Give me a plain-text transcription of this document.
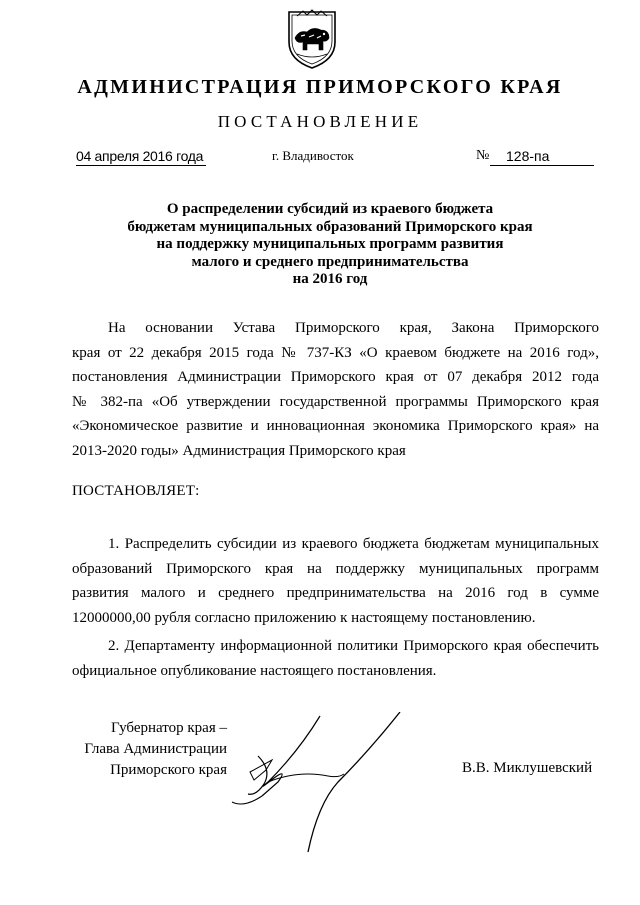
АДМИНИСТРАЦИЯ ПРИМОРСКОГО КРАЯ
ПОСТАНОВЛЕНИЕ
04 апреля 2016 года	г. Владивосток	№ 128-па
О распределении субсидий из краевого бюджета
бюджетам муниципальных образований Приморского края
на поддержку муниципальных программ развития
малого и среднего предпринимательства
на 2016 год
На основании Устава Приморского края, Закона Приморского
края от 22 декабря 2015 года № 737-КЗ «О краевом бюджете на 2016 год»,
постановления Администрации Приморского края от 07 декабря 2012 года
№ 382-па «Об утверждении государственной программы Приморского края
«Экономическое развитие и инновационная экономика Приморского края» на
2013-2020 годы» Администрация Приморского края
ПОСТАНОВЛЯЕТ:
1. Распределить субсидии из краевого бюджета бюджетам муниципальных
образований Приморского края на поддержку муниципальных программ
развития малого и среднего предпринимательства на 2016 год в сумме
12000000,00 рубля согласно приложению к настоящему постановлению.
2. Департаменту информационной политики Приморского края обеспечить
официальное опубликование настоящего постановления.
Губернатор края –
Глава Администрации
Приморского края	В.В. Миклушевский
